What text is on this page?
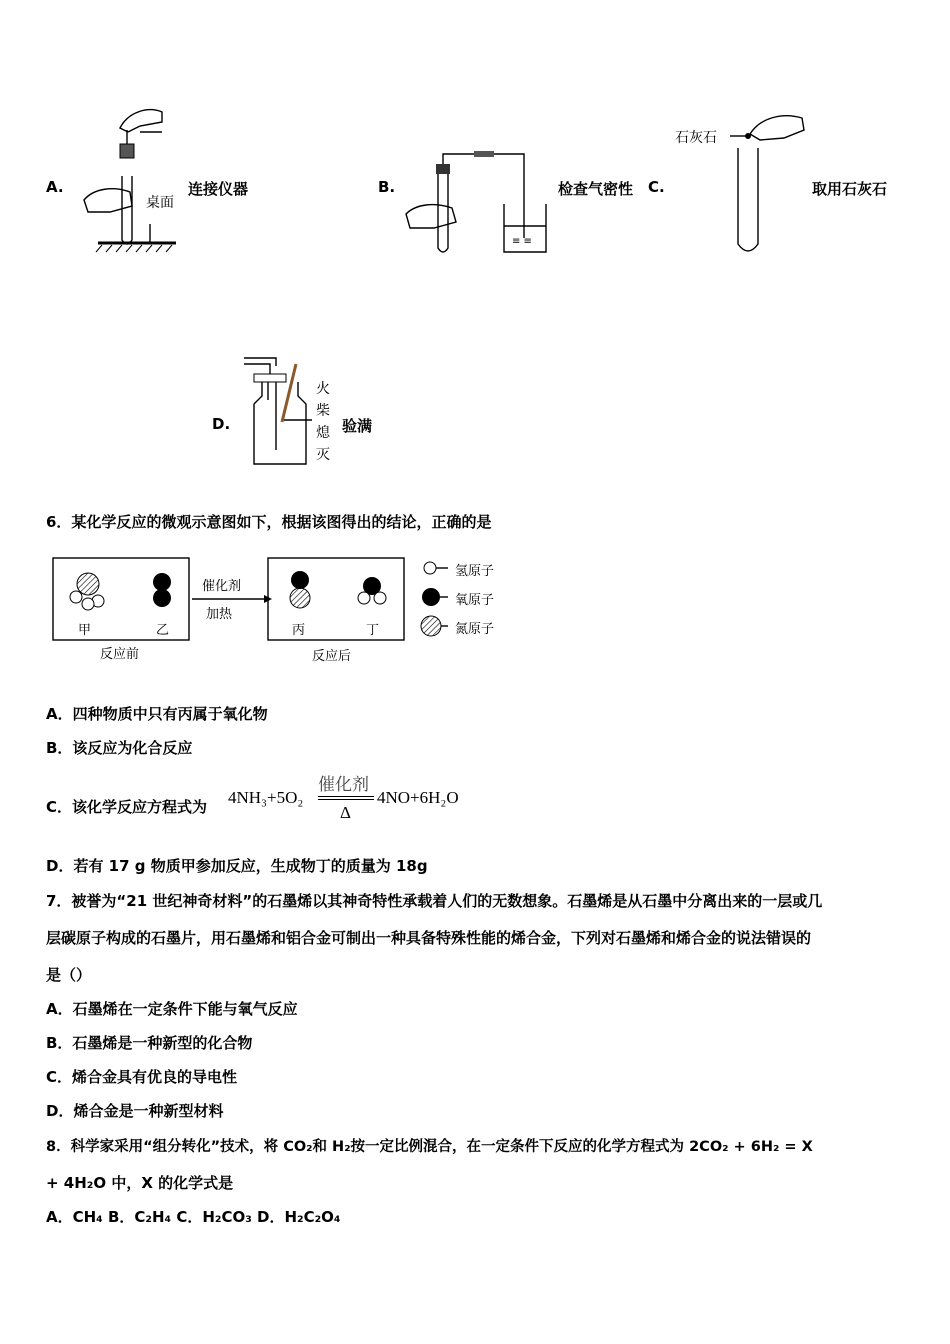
A.
桌面
连接仪器	B.
≡ ≡
检查气密性 C.
石灰石
取用石灰石
D.
火
柴
熄
灭
验满
6．某化学反应的微观示意图如下，根据该图得出的结论，正确的是
催化剂
加热
甲	乙	丙	丁
反应前	反应后
氢原子
氧原子
氮原子
A．四种物质中只有丙属于氧化物
B．该反应为化合反应
C．该化学反应方程式为 4NH₃+5O₂
催化剂
Δ
4NO+6H₂O
D．若有 17 g 物质甲参加反应，生成物丁的质量为 18g
7．被誉为“21 世纪神奇材料”的石墨烯以其神奇特性承载着人们的无数想象。石墨烯是从石墨中分离出来的一层或几
层碳原子构成的石墨片，用石墨烯和铝合金可制出一种具备特殊性能的烯合金，下列对石墨烯和烯合金的说法错误的
是（）
A．石墨烯在一定条件下能与氧气反应
B．石墨烯是一种新型的化合物
C．烯合金具有优良的导电性
D．烯合金是一种新型材料
8．科学家采用“组分转化”技术，将 CO₂和 H₂按一定比例混合，在一定条件下反应的化学方程式为 2CO₂ + 6H₂ = X
+ 4H₂O 中，X 的化学式是
A．CH₄ B．C₂H₄ C．H₂CO₃ D．H₂C₂O₄
